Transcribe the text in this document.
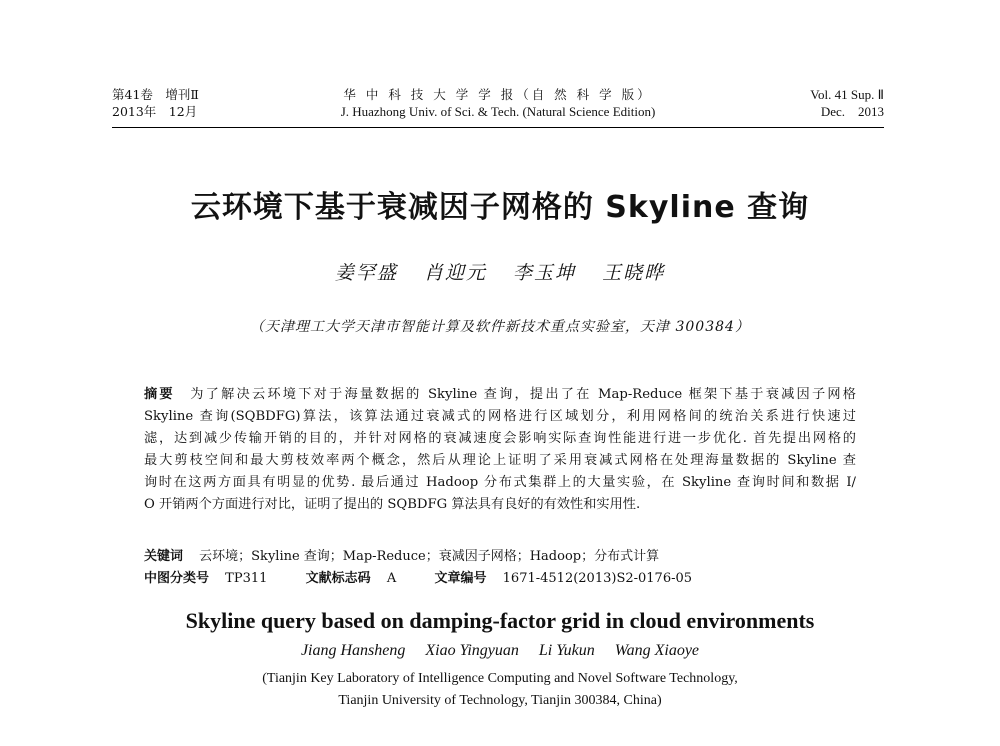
第41卷　增刊Ⅱ
2013年　12月
华 中 科 技 大 学 学 报（自 然 科 学 版）
J. Huazhong Univ. of Sci. & Tech. (Natural Science Edition)
Vol. 41 Sup. Ⅱ
Dec.　2013
云环境下基于衰减因子网格的 Skyline 查询
姜罕盛 肖迎元 李玉坤 王晓晔
（天津理工大学天津市智能计算及软件新技术重点实验室，天津 300384）
摘要　 为了解决云环境下对于海量数据的 Skyline 查询，提出了在 Map-Reduce 框架下基于衰减因子网格
Skyline 查询(SQBDFG)算法，该算法通过衰减式的网格进行区域划分，利用网格间的统治关系进行快速过
滤，达到减少传输开销的目的，并针对网格的衰减速度会影响实际查询性能进行进一步优化. 首先提出网格的
最大剪枝空间和最大剪枝效率两个概念，然后从理论上证明了采用衰减式网格在处理海量数据的 Skyline 查
询时在这两方面具有明显的优势. 最后通过 Hadoop 分布式集群上的大量实验，在 Skyline 查询时间和数据 I/
O 开销两个方面进行对比，证明了提出的 SQBDFG 算法具有良好的有效性和实用性.
关键词 云环境；Skyline 查询；Map-Reduce；衰减因子网格；Hadoop；分布式计算
中图分类号 TP311	文献标志码 A	文章编号 1671-4512(2013)S2-0176-05
Skyline query based on damping-factor grid in cloud environments
Jiang Hansheng Xiao Yingyuan Li Yukun Wang Xiaoye
(Tianjin Key Laboratory of Intelligence Computing and Novel Software Technology,
Tianjin University of Technology, Tianjin 300384, China)
